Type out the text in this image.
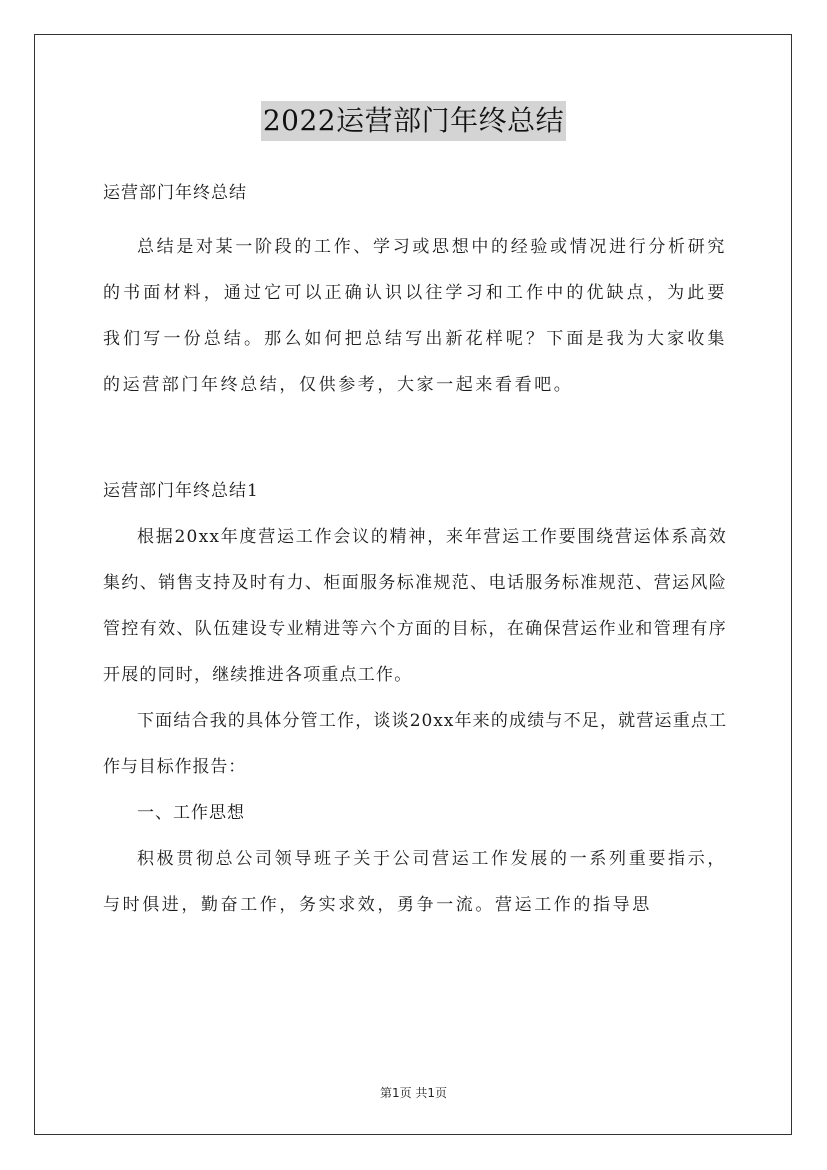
2022运营部门年终总结

运营部门年终总结

总结是对某一阶段的工作、学习或思想中的经验或情况进行分析研究的书面材料，通过它可以正确认识以往学习和工作中的优缺点，为此要我们写一份总结。那么如何把总结写出新花样呢？下面是我为大家收集的运营部门年终总结，仅供参考，大家一起来看看吧。

运营部门年终总结1

根据20xx年度营运工作会议的精神，来年营运工作要围绕营运体系高效集约、销售支持及时有力、柜面服务标准规范、电话服务标准规范、营运风险管控有效、队伍建设专业精进等六个方面的目标，在确保营运作业和管理有序开展的同时，继续推进各项重点工作。

下面结合我的具体分管工作，谈谈20xx年来的成绩与不足，就营运重点工作与目标作报告：

一、工作思想

积极贯彻总公司领导班子关于公司营运工作发展的一系列重要指示，与时俱进，勤奋工作，务实求效，勇争一流。营运工作的指导思

第1页 共1页
